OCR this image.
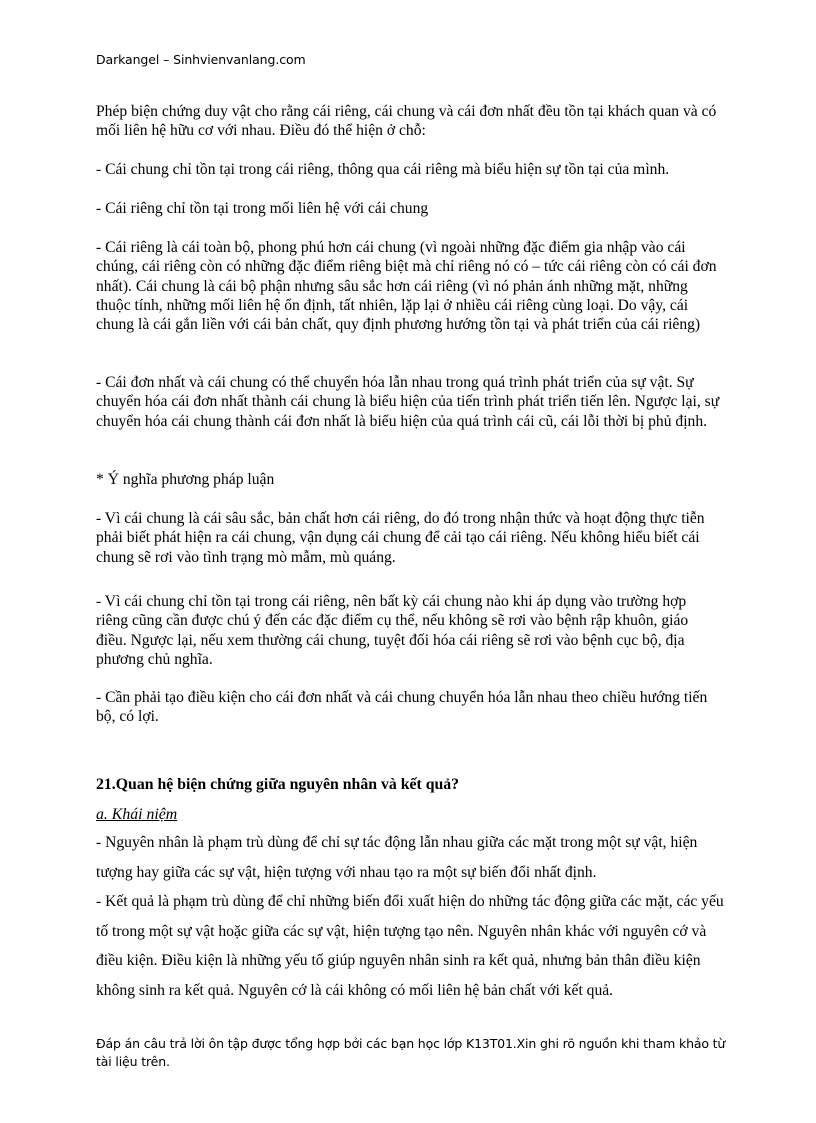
Darkangel – Sinhvienvanlang.com
Phép biện chứng duy vật cho rằng cái riêng, cái chung và cái đơn nhất đều tồn tại khách quan và có mối liên hệ hữu cơ với nhau. Điều đó thể hiện ở chỗ:
- Cái chung chỉ tồn tại trong cái riêng, thông qua cái riêng mà biểu hiện sự tồn tại của mình.
- Cái riêng chỉ tồn tại trong mối liên hệ với cái chung
- Cái riêng là cái toàn bộ, phong phú hơn cái chung (vì ngoài những đặc điểm gia nhập vào cái chúng, cái riêng còn có những đặc điểm riêng biệt mà chỉ riêng nó có – tức cái riêng còn có cái đơn nhất). Cái chung là cái bộ phận nhưng sâu sắc hơn cái riêng (vì nó phản ánh những mặt, những thuộc tính, những mối liên hệ ổn định, tất nhiên, lặp lại ở nhiều cái riêng cùng loại. Do vậy, cái chung là cái gắn liền với cái bản chất, quy định phương hướng tồn tại và phát triển của cái riêng)
- Cái đơn nhất và cái chung có thể chuyển hóa lẫn nhau trong quá trình phát triển của sự vật. Sự chuyển hóa cái đơn nhất thành cái chung là biểu hiện của tiến trình phát triển tiến lên. Ngược lại, sự chuyển hóa cái chung thành cái đơn nhất là biểu hiện của quá trình cái cũ, cái lỗi thời bị phủ định.
* Ý nghĩa phương pháp luận
- Vì cái chung là cái sâu sắc, bản chất hơn cái riêng, do đó trong nhận thức và hoạt động thực tiễn phải biết phát hiện ra cái chung, vận dụng cái chung để cải tạo cái riêng. Nếu không hiểu biết cái chung sẽ rơi vào tình trạng mò mẫm, mù quáng.
- Vì cái chung chỉ tồn tại trong cái riêng, nên bất kỳ cái chung nào khi áp dụng vào trường hợp riêng cũng cần được chú ý đến các đặc điểm cụ thể, nếu không sẽ rơi vào bệnh rập khuôn, giáo điều. Ngược lại, nếu xem thường cái chung, tuyệt đối hóa cái riêng sẽ rơi vào bệnh cục bộ, địa phương chủ nghĩa.
- Cần phải tạo điều kiện cho cái đơn nhất và cái chung chuyển hóa lẫn nhau theo chiều hướng tiến bộ, có lợi.
21.Quan hệ biện chứng giữa nguyên nhân và kết quả?
a. Khái niệm
- Nguyên nhân là phạm trù dùng để chỉ sự tác động lẫn nhau giữa các mặt trong một sự vật, hiện tượng hay giữa các sự vật, hiện tượng với nhau tạo ra một sự biến đổi nhất định.
- Kết quả là phạm trù dùng để chỉ những biến đổi xuất hiện do những tác động giữa các mặt, các yếu tố trong một sự vật hoặc giữa các sự vật, hiện tượng tạo nên. Nguyên nhân khác với nguyên cớ và điều kiện. Điều kiện là những yếu tố giúp nguyên nhân sinh ra kết quả, nhưng bản thân điều kiện không sinh ra kết quả. Nguyên cớ là cái không có mối liên hệ bản chất với kết quả.
Đáp án câu trả lời ôn tập được tổng hợp bởi các bạn học lớp K13T01.Xin ghi rõ nguồn khi tham khảo từ tài liệu trên.
